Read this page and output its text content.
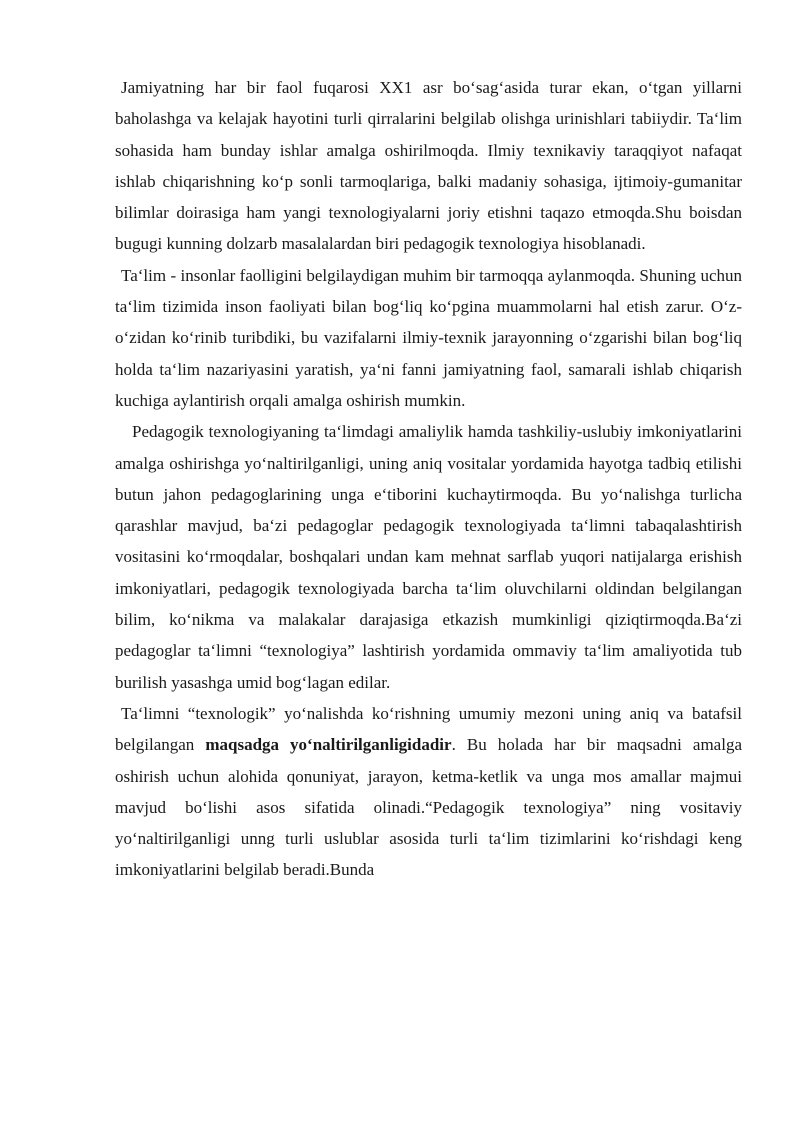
Jamiyatning har bir faol fuqarosi XX1 asr bo‘sag‘asida turar ekan, o‘tgan yillarni baholashga va kelajak hayotini turli qirralarini belgilab olishga urinishlari tabiiydir. Ta‘lim sohasida ham bunday ishlar amalga oshirilmoqda. Ilmiy texnikaviy taraqqiyot nafaqat ishlab chiqarishning ko‘p sonli tarmoqlariga, balki madaniy sohasiga, ijtimoiy-gumanitar bilimlar doirasiga ham yangi texnologiyalarni joriy etishni taqazo etmoqda.Shu boisdan bugugi kunning dolzarb masalalardan biri pedagogik texnologiya hisoblanadi.

Ta‘lim - insonlar faolligini belgilaydigan muhim bir tarmoqqa aylanmoqda. Shuning uchun ta‘lim tizimida inson faoliyati bilan bog‘liq ko‘pgina muammolarni hal etish zarur. O‘z-o‘zidan ko‘rinib turibdiki, bu vazifalarni ilmiy-texnik jarayonning o‘zgarishi bilan bog‘liq holda ta‘lim nazariyasini yaratish, ya‘ni fanni jamiyatning faol, samarali ishlab chiqarish kuchiga aylantirish orqali amalga oshirish mumkin.

Pedagogik texnologiyaning ta‘limdagi amaliylik hamda tashkiliy-uslubiy imkoniyatlarini amalga oshirishga yo‘naltirilganligi, uning aniq vositalar yordamida hayotga tadbiq etilishi butun jahon pedagoglarining unga e‘tiborini kuchaytirmoqda. Bu yo‘nalishga turlicha qarashlar mavjud, ba‘zi pedagoglar pedagogik texnologiyada ta‘limni tabaqalashtirish vositasini ko‘rmoqdalar, boshqalari undan kam mehnat sarflab yuqori natijalarga erishish imkoniyatlari, pedagogik texnologiyada barcha ta‘lim oluvchilarni oldindan belgilangan bilim, ko‘nikma va malakalar darajasiga etkazish mumkinligi qiziqtirmoqda.Ba‘zi pedagoglar ta‘limni “texnologiya” lashtirish yordamida ommaviy ta‘lim amaliyotida tub burilish yasashga umid bog‘lagan edilar.

Ta‘limni “texnologik” yo‘nalishda ko‘rishning umumiy mezoni uning aniq va batafsil belgilangan maqsadga yo‘naltirilganligidadir. Bu holada har bir maqsadni amalga oshirish uchun alohida qonuniyat, jarayon, ketma-ketlik va unga mos amallar majmui mavjud bo‘lishi asos sifatida olinadi.“Pedagogik texnologiya” ning vositaviy yo‘naltirilganligi unng turli uslublar asosida turli ta‘lim tizimlarini ko‘rishdagi keng imkoniyatlarini belgilab beradi.Bunda
